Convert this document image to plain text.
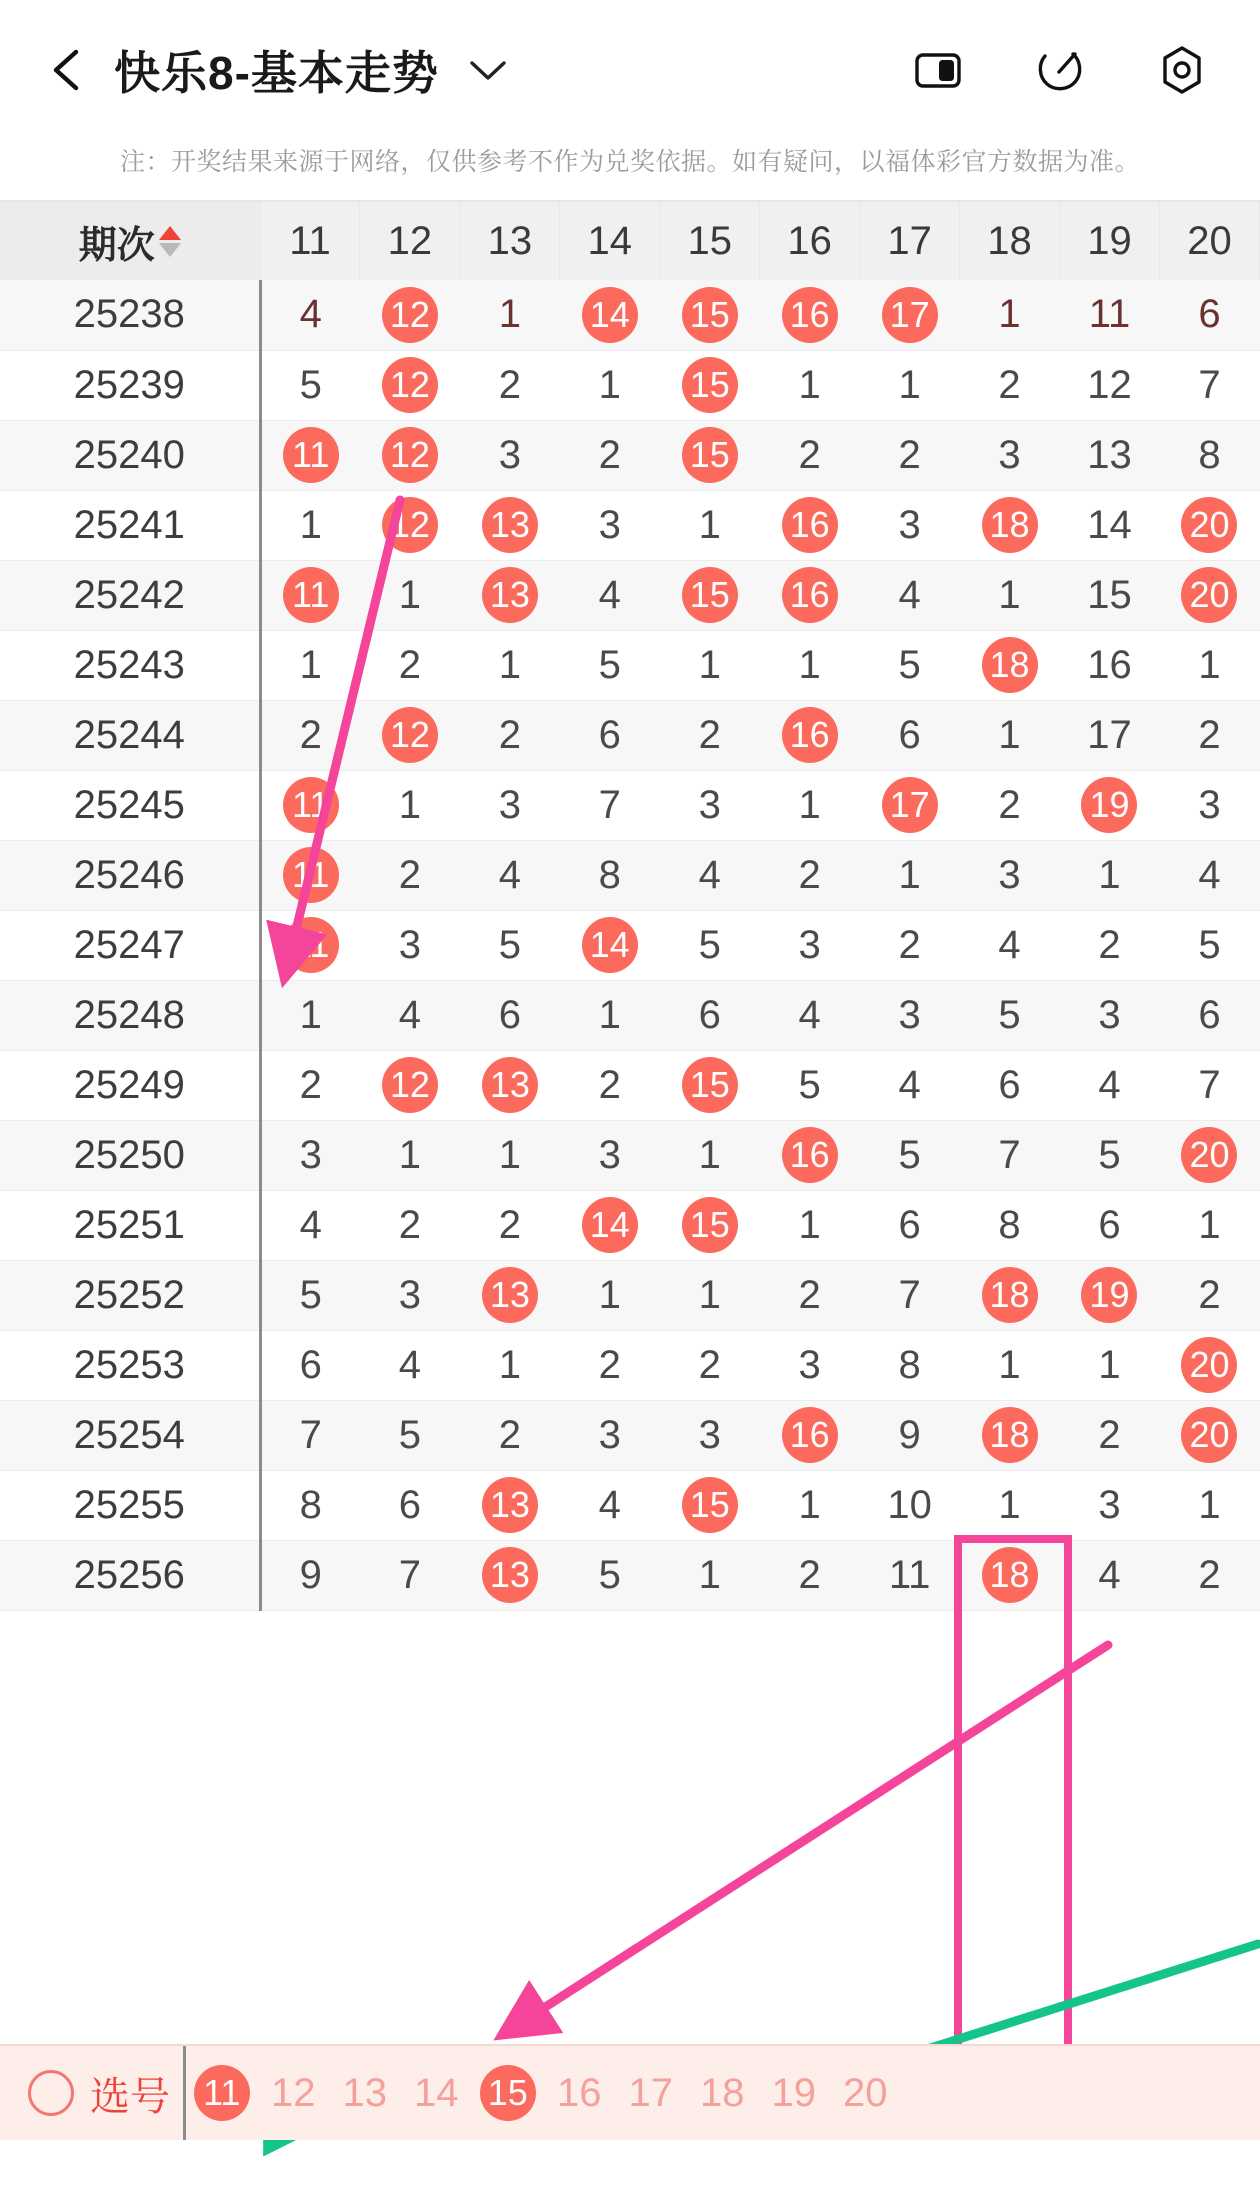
快乐8-基本走势
注：开奖结果来源于网络，仅供参考不作为兑奖依据。如有疑问，以福体彩官方数据为准。
期次	11	12	13	14	15	16	17	18	19	20
25238	4	12	1	14	15	16	17	1	11	6
25239	5	12	2	1	15	1	1	2	12	7
25240	11	12	3	2	15	2	2	3	13	8
25241	1	12	13	3	1	16	3	18	14	20
25242	11	1	13	4	15	16	4	1	15	20
25243	1	2	1	5	1	1	5	18	16	1
25244	2	12	2	6	2	16	6	1	17	2
25245	11	1	3	7	3	1	17	2	19	3
25246	11	2	4	8	4	2	1	3	1	4
25247	11	3	5	14	5	3	2	4	2	5
25248	1	4	6	1	6	4	3	5	3	6
25249	2	12	13	2	15	5	4	6	4	7
25250	3	1	1	3	1	16	5	7	5	20
25251	4	2	2	14	15	1	6	8	6	1
25252	5	3	13	1	1	2	7	18	19	2
25253	6	4	1	2	2	3	8	1	1	20
25254	7	5	2	3	3	16	9	18	2	20
25255	8	6	13	4	15	1	10	1	3	1
25256	9	7	13	5	1	2	11	18	4	2
选号 11 12 13 14 15 16 17 18 19 20
